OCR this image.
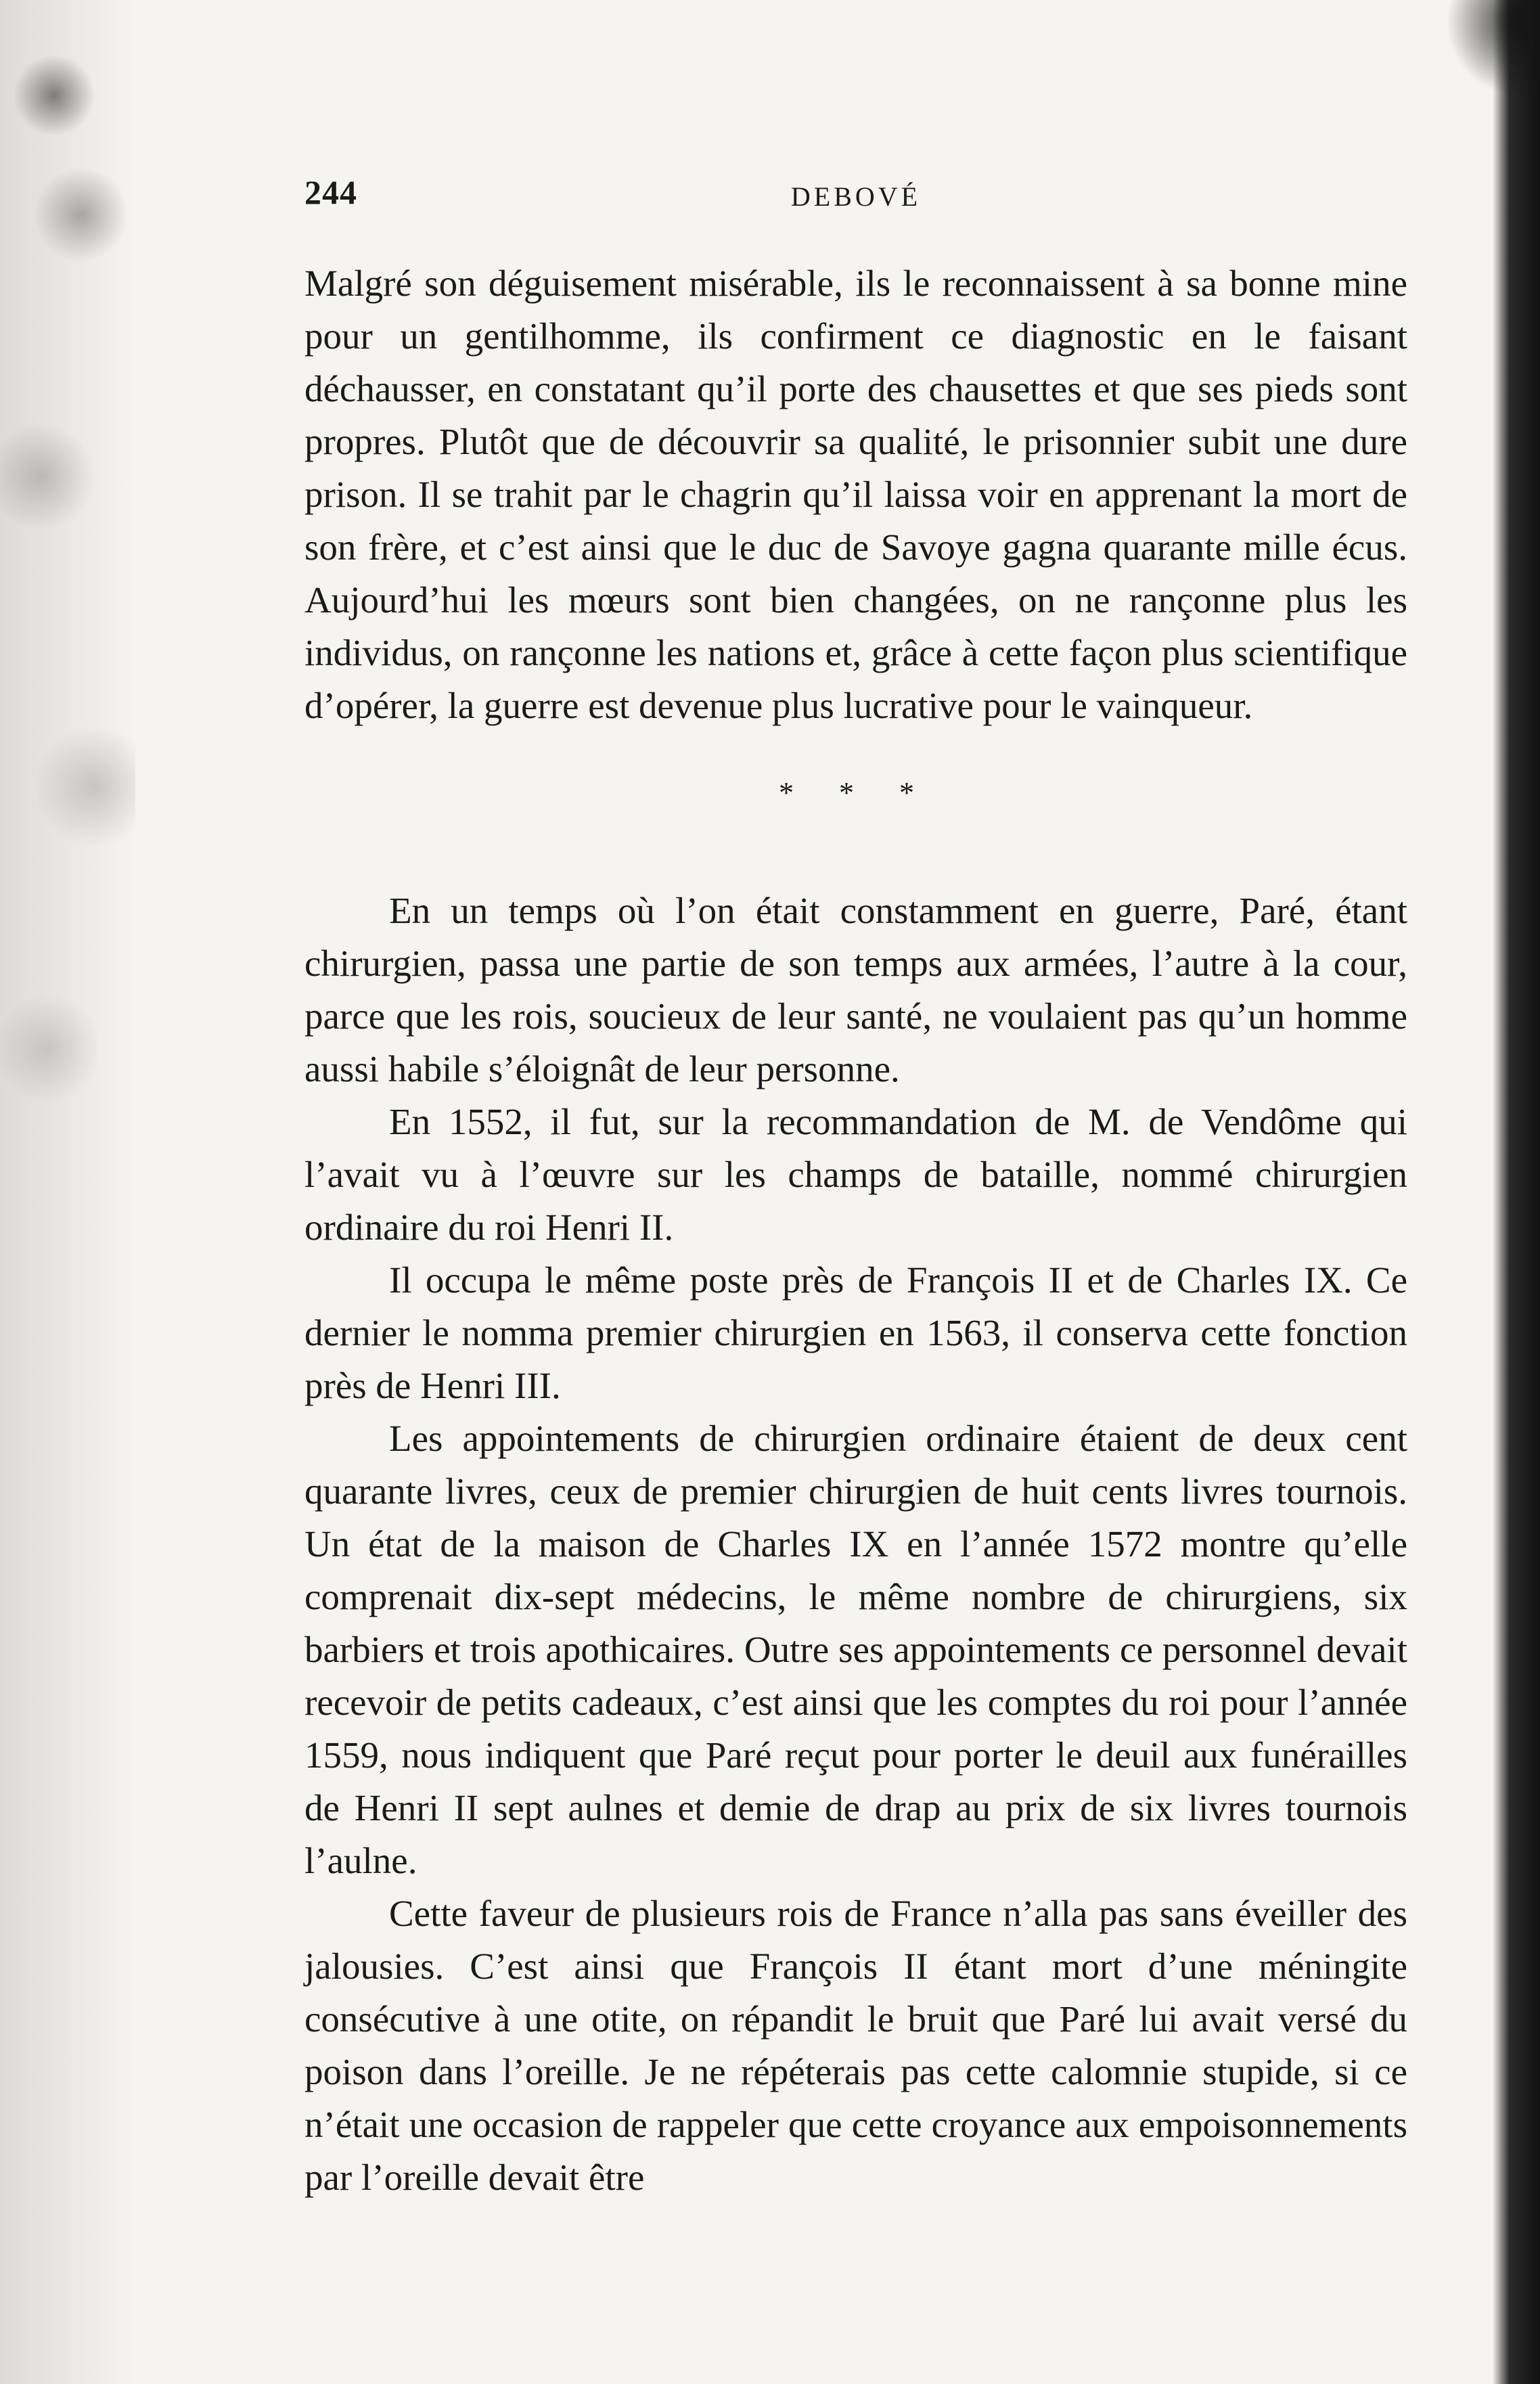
244	DEBOVÉ

Malgré son déguisement misérable, ils le reconnaissent à sa bonne mine pour un gentilhomme, ils confirment ce diagnostic en le faisant déchausser, en constatant qu’il porte des chausettes et que ses pieds sont propres. Plutôt que de découvrir sa qualité, le prisonnier subit une dure prison. Il se trahit par le chagrin qu’il laissa voir en apprenant la mort de son frère, et c’est ainsi que le duc de Savoye gagna quarante mille écus. Aujourd’hui les mœurs sont bien changées, on ne rançonne plus les individus, on rançonne les nations et, grâce à cette façon plus scientifique d’opérer, la guerre est devenue plus lucrative pour le vainqueur.

* * *

En un temps où l’on était constamment en guerre, Paré, étant chirurgien, passa une partie de son temps aux armées, l’autre à la cour, parce que les rois, soucieux de leur santé, ne voulaient pas qu’un homme aussi habile s’éloignât de leur personne.

En 1552, il fut, sur la recommandation de M. de Vendôme qui l’avait vu à l’œuvre sur les champs de bataille, nommé chirurgien ordinaire du roi Henri II.

Il occupa le même poste près de François II et de Charles IX. Ce dernier le nomma premier chirurgien en 1563, il conserva cette fonction près de Henri III.

Les appointements de chirurgien ordinaire étaient de deux cent quarante livres, ceux de premier chirurgien de huit cents livres tournois. Un état de la maison de Charles IX en l’année 1572 montre qu’elle comprenait dix-sept médecins, le même nombre de chirurgiens, six barbiers et trois apothicaires. Outre ses appointements ce personnel devait recevoir de petits cadeaux, c’est ainsi que les comptes du roi pour l’année 1559, nous indiquent que Paré reçut pour porter le deuil aux funérailles de Henri II sept aulnes et demie de drap au prix de six livres tournois l’aulne.

Cette faveur de plusieurs rois de France n’alla pas sans éveiller des jalousies. C’est ainsi que François II étant mort d’une méningite consécutive à une otite, on répandit le bruit que Paré lui avait versé du poison dans l’oreille. Je ne répéterais pas cette calomnie stupide, si ce n’était une occasion de rappeler que cette croyance aux empoisonnements par l’oreille devait être
